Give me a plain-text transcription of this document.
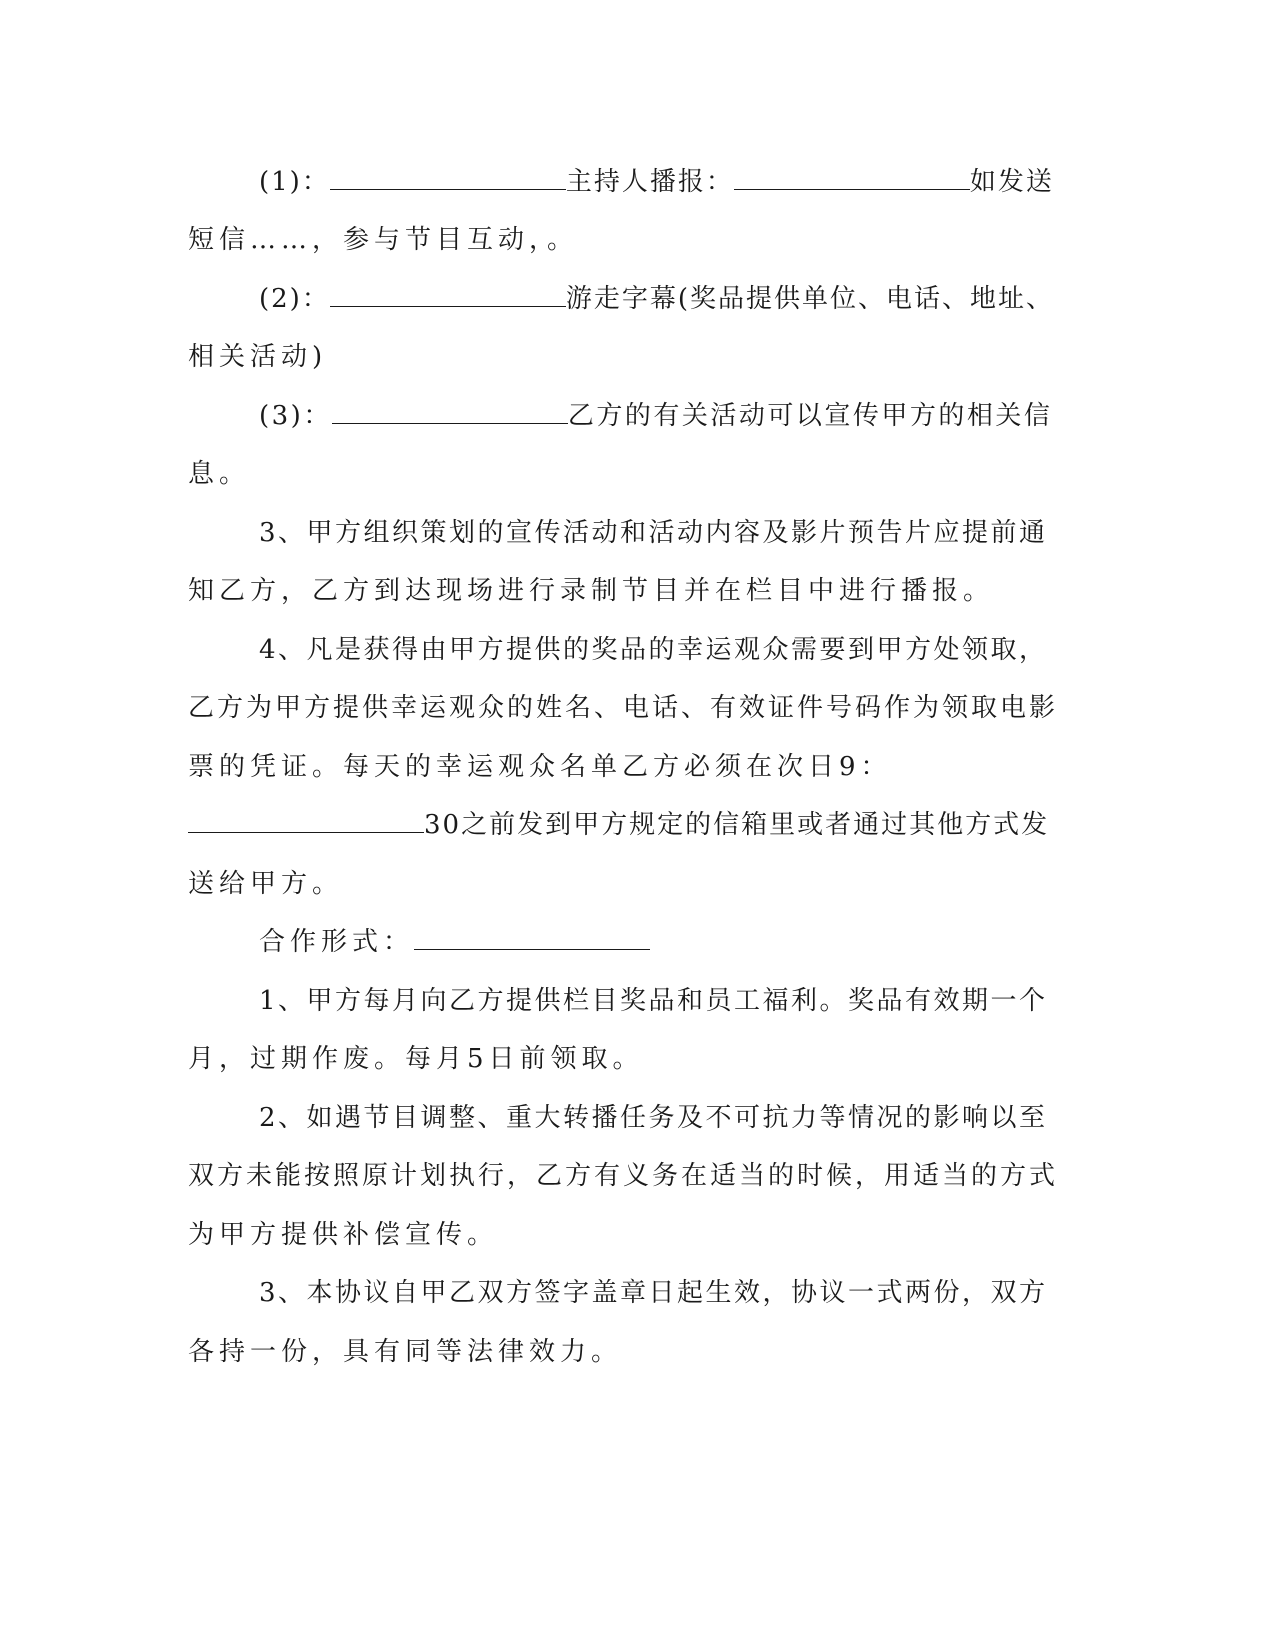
(1)：	主持人播报：	如发送
短信……，参与节目互动，。
(2)：	游走字幕(奖品提供单位、电话、地址、
相关活动)
(3)：	乙方的有关活动可以宣传甲方的相关信
息。
3、甲方组织策划的宣传活动和活动内容及影片预告片应提前通
知乙方，乙方到达现场进行录制节目并在栏目中进行播报。
4、凡是获得由甲方提供的奖品的幸运观众需要到甲方处领取，
乙方为甲方提供幸运观众的姓名、电话、有效证件号码作为领取电影
票的凭证。每天的幸运观众名单乙方必须在次日9：
30之前发到甲方规定的信箱里或者通过其他方式发
送给甲方。
合作形式：
1、甲方每月向乙方提供栏目奖品和员工福利。奖品有效期一个
月，过期作废。每月5日前领取。
2、如遇节目调整、重大转播任务及不可抗力等情况的影响以至
双方未能按照原计划执行，乙方有义务在适当的时候，用适当的方式
为甲方提供补偿宣传。
3、本协议自甲乙双方签字盖章日起生效，协议一式两份，双方
各持一份，具有同等法律效力。
